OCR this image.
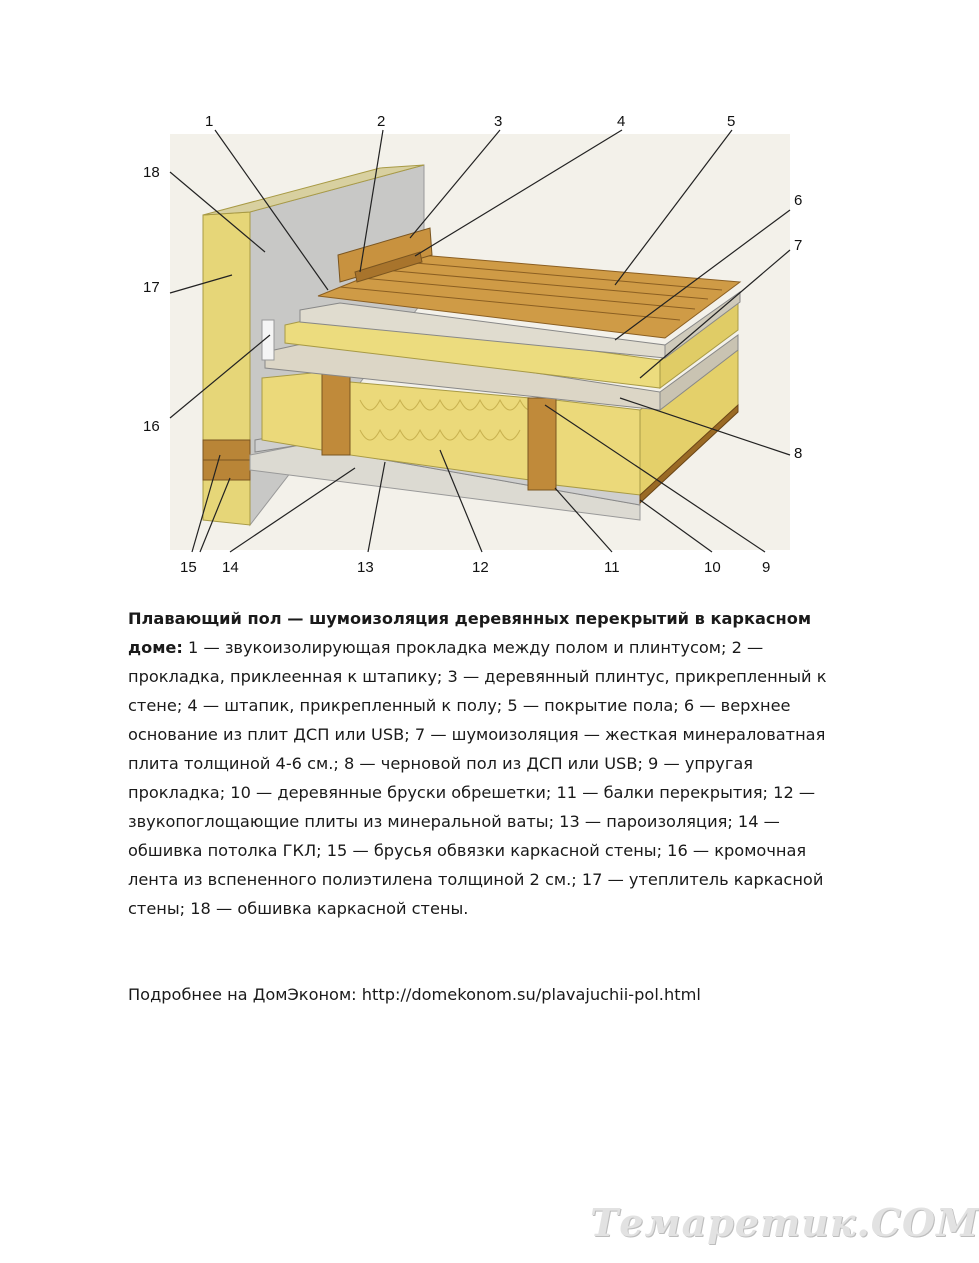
1	2	3	4	5
6
7
8
9
10
11
12
13
14
15
16
17
18
Плавающий пол — шумоизоляция деревянных перекрытий в каркасном доме: 1 — звукоизолирующая прокладка между полом и плинтусом; 2 — прокладка, приклеенная к штапику; 3 — деревянный плинтус, прикрепленный к стене; 4 — штапик, прикрепленный к полу; 5 — покрытие пола; 6 — верхнее основание из плит ДСП или USB; 7 — шумоизоляция — жесткая минераловатная плита толщиной 4-6 см.; 8 — черновой пол из ДСП или USB; 9 — упругая прокладка; 10 — деревянные бруски обрешетки; 11 — балки перекрытия; 12 — звукопоглощающие плиты из минеральной ваты; 13 — пароизоляция; 14 — обшивка потолка ГКЛ; 15 — брусья обвязки каркасной стены; 16 — кромочная лента из вспененного полиэтилена толщиной 2 см.; 17 — утеплитель каркасной стены; 18 — обшивка каркасной стены.
Подробнее на ДомЭконом: http://domekonom.su/plavajuchii-pol.html
Темаретик.СОМ
